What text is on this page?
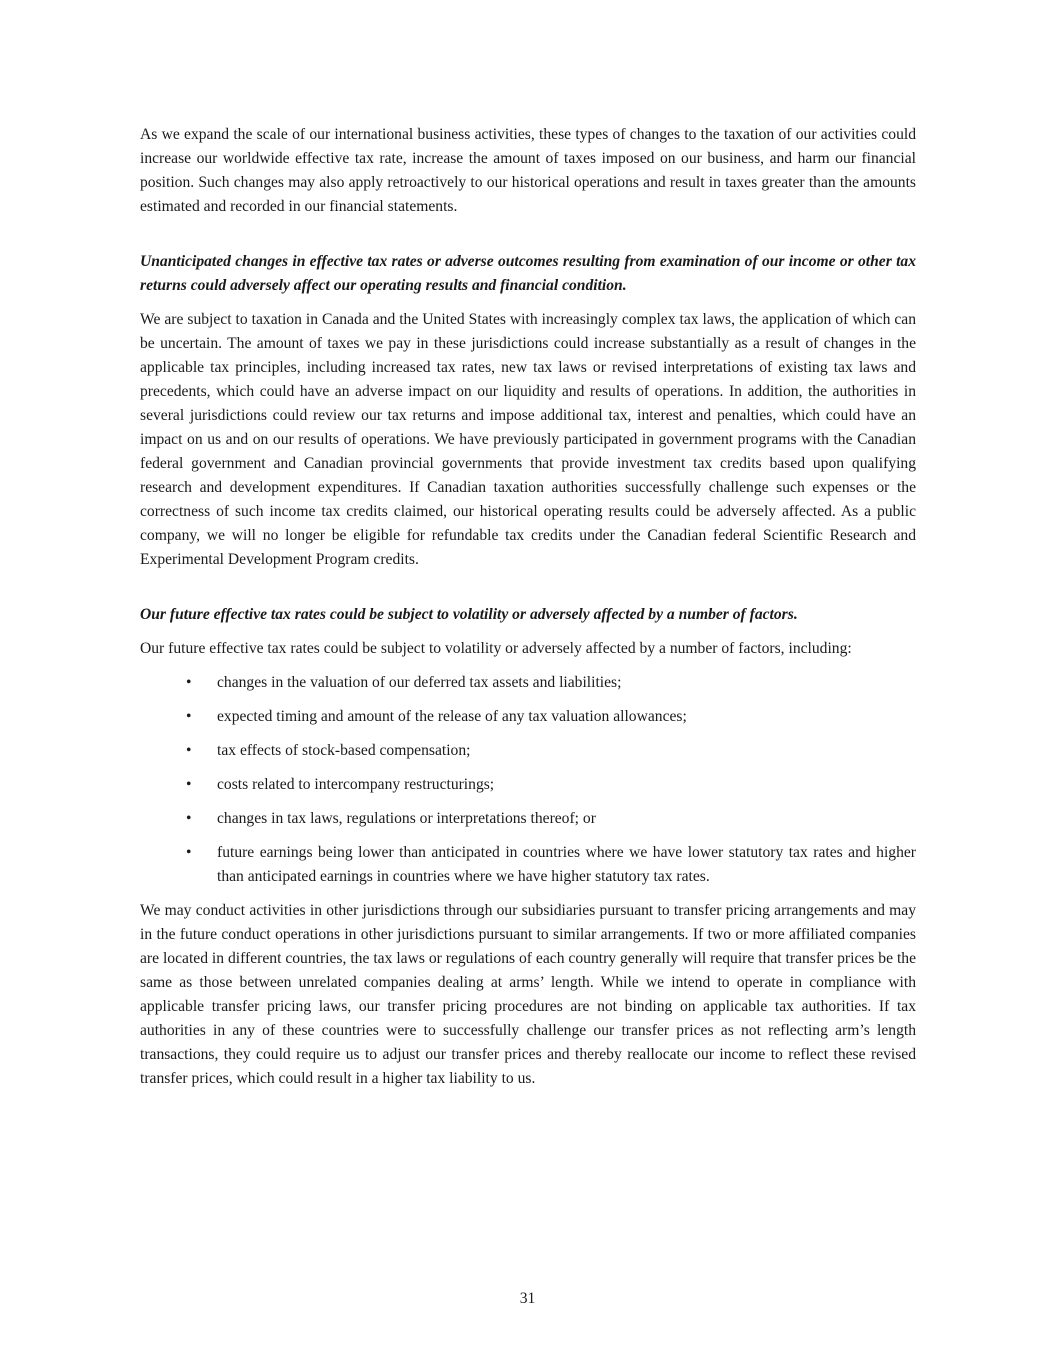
As we expand the scale of our international business activities, these types of changes to the taxation of our activities could increase our worldwide effective tax rate, increase the amount of taxes imposed on our business, and harm our financial position. Such changes may also apply retroactively to our historical operations and result in taxes greater than the amounts estimated and recorded in our financial statements.

Unanticipated changes in effective tax rates or adverse outcomes resulting from examination of our income or other tax returns could adversely affect our operating results and financial condition.

We are subject to taxation in Canada and the United States with increasingly complex tax laws, the application of which can be uncertain. The amount of taxes we pay in these jurisdictions could increase substantially as a result of changes in the applicable tax principles, including increased tax rates, new tax laws or revised interpretations of existing tax laws and precedents, which could have an adverse impact on our liquidity and results of operations. In addition, the authorities in several jurisdictions could review our tax returns and impose additional tax, interest and penalties, which could have an impact on us and on our results of operations. We have previously participated in government programs with the Canadian federal government and Canadian provincial governments that provide investment tax credits based upon qualifying research and development expenditures. If Canadian taxation authorities successfully challenge such expenses or the correctness of such income tax credits claimed, our historical operating results could be adversely affected. As a public company, we will no longer be eligible for refundable tax credits under the Canadian federal Scientific Research and Experimental Development Program credits.

Our future effective tax rates could be subject to volatility or adversely affected by a number of factors.

Our future effective tax rates could be subject to volatility or adversely affected by a number of factors, including:

• changes in the valuation of our deferred tax assets and liabilities;
• expected timing and amount of the release of any tax valuation allowances;
• tax effects of stock-based compensation;
• costs related to intercompany restructurings;
• changes in tax laws, regulations or interpretations thereof; or
• future earnings being lower than anticipated in countries where we have lower statutory tax rates and higher than anticipated earnings in countries where we have higher statutory tax rates.

We may conduct activities in other jurisdictions through our subsidiaries pursuant to transfer pricing arrangements and may in the future conduct operations in other jurisdictions pursuant to similar arrangements. If two or more affiliated companies are located in different countries, the tax laws or regulations of each country generally will require that transfer prices be the same as those between unrelated companies dealing at arms’ length. While we intend to operate in compliance with applicable transfer pricing laws, our transfer pricing procedures are not binding on applicable tax authorities. If tax authorities in any of these countries were to successfully challenge our transfer prices as not reflecting arm’s length transactions, they could require us to adjust our transfer prices and thereby reallocate our income to reflect these revised transfer prices, which could result in a higher tax liability to us.

31
